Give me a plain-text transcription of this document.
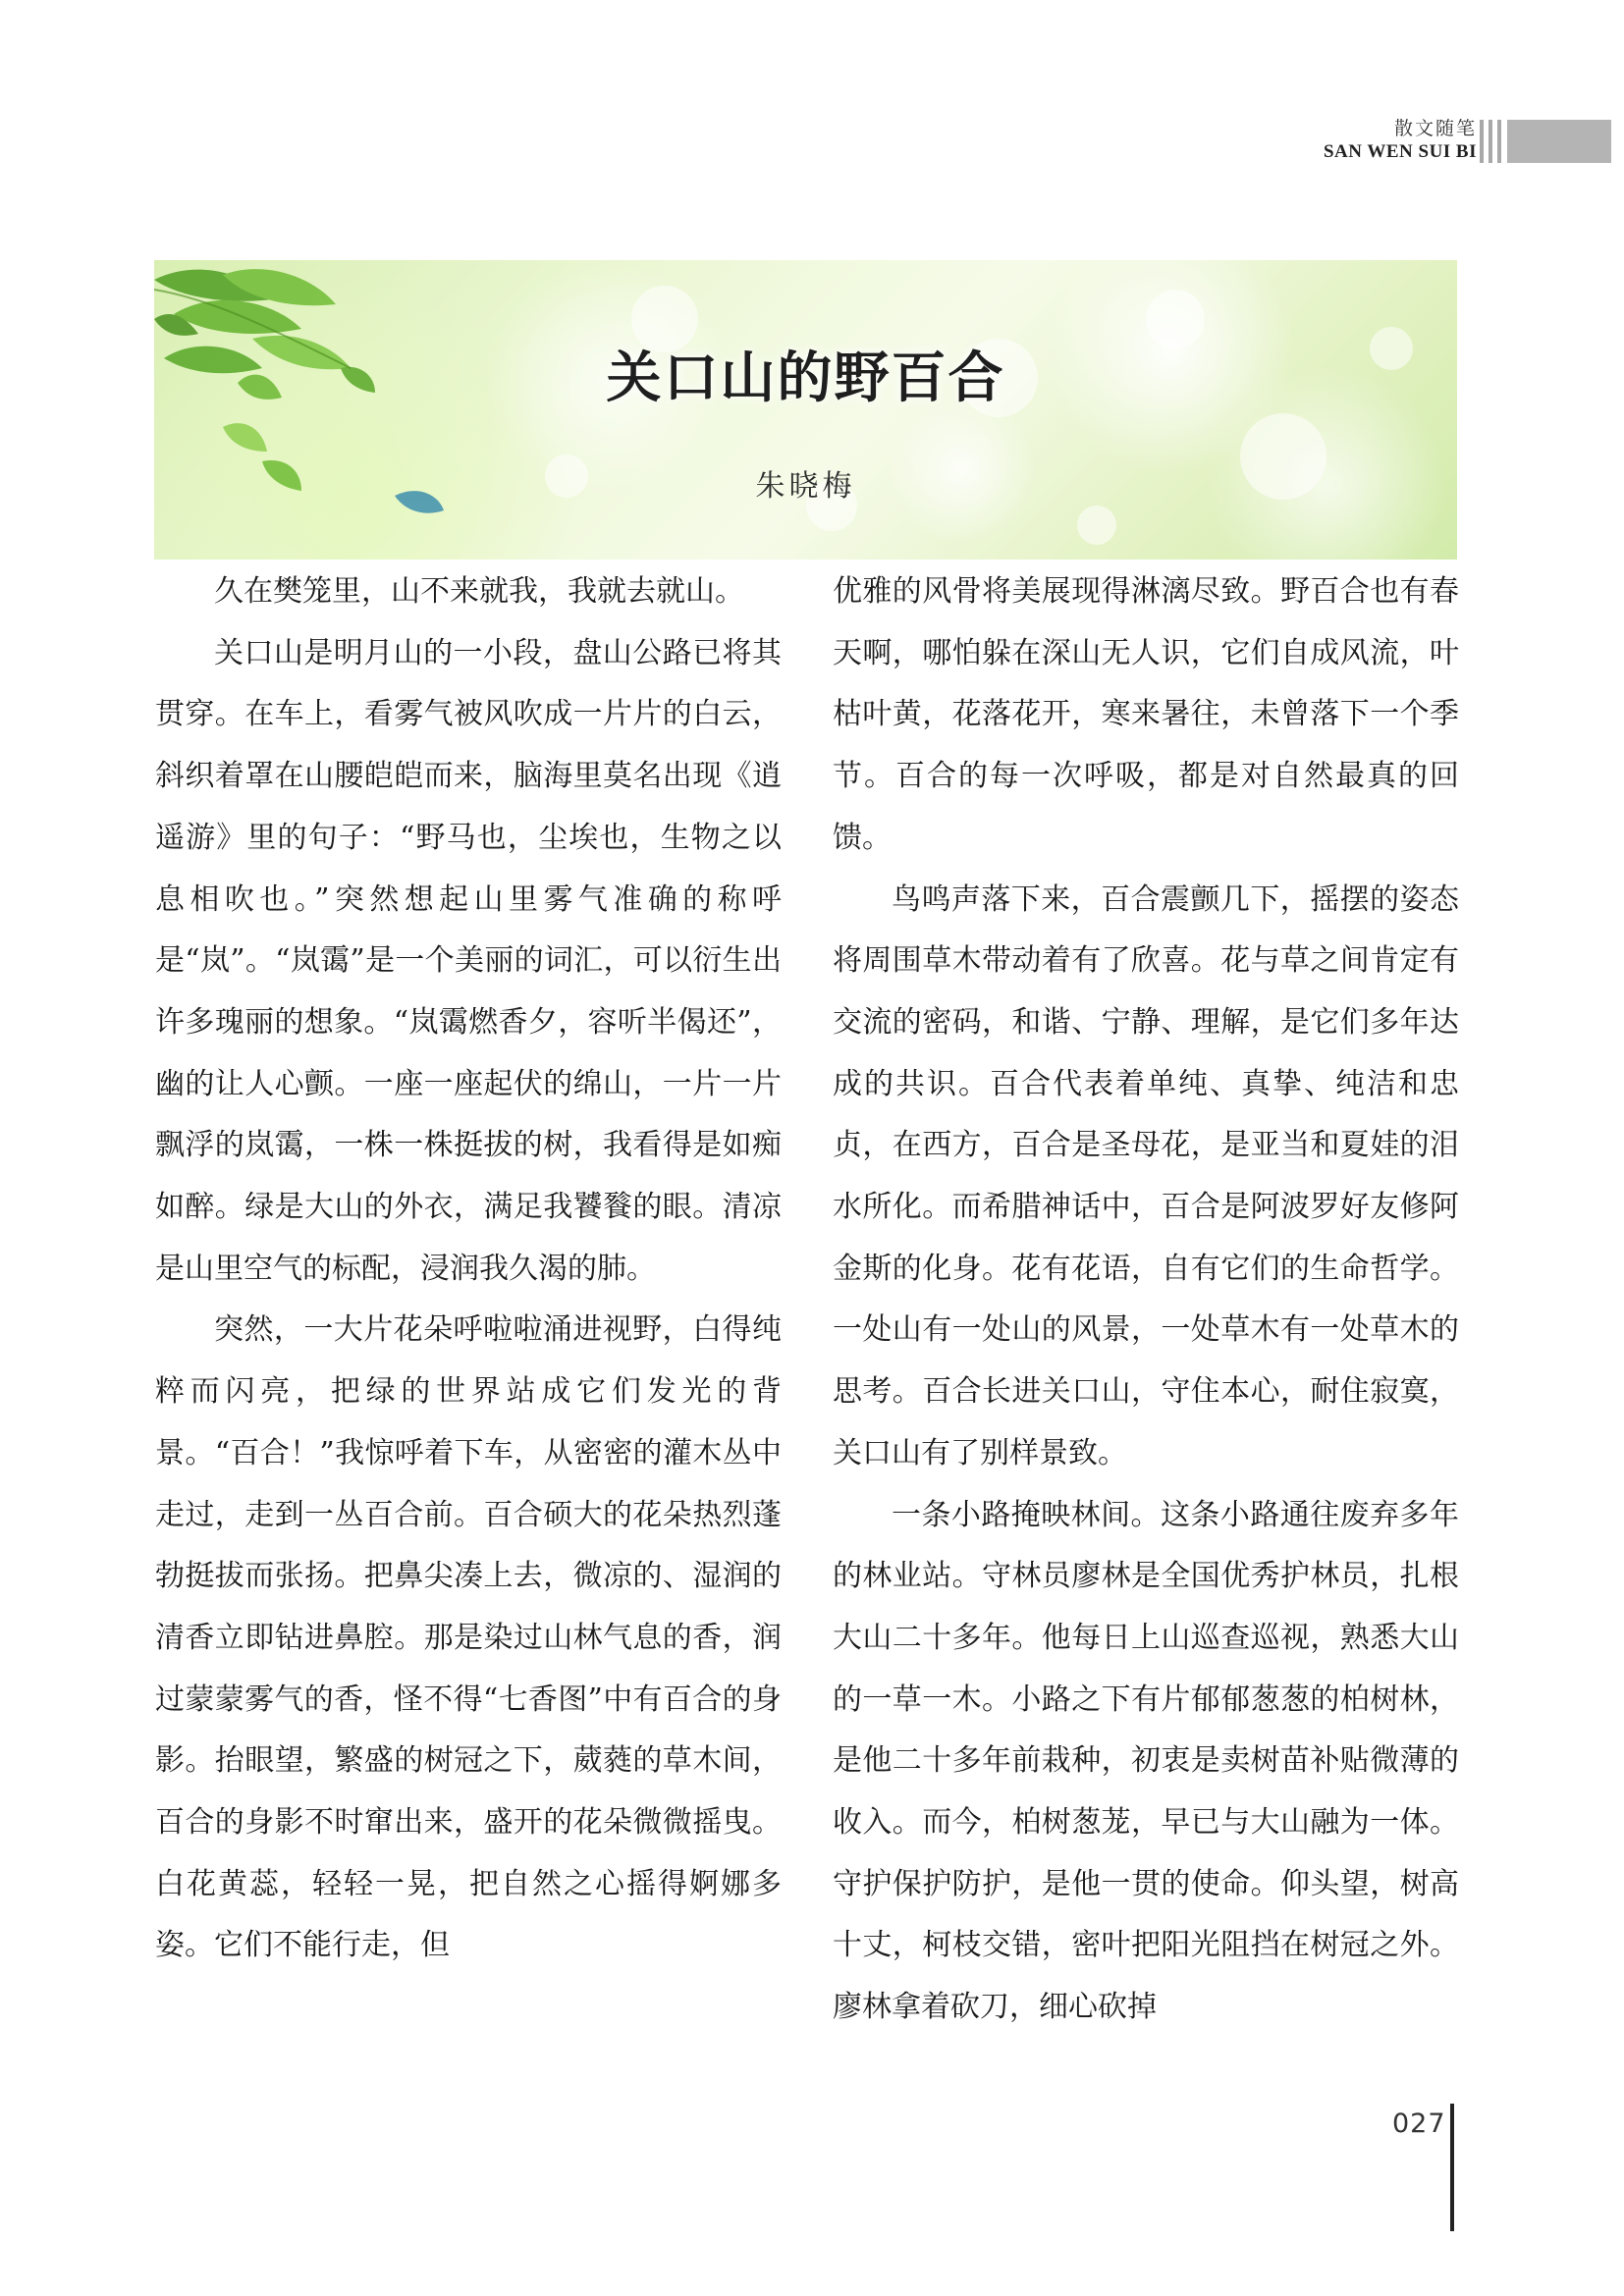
散文随笔
SAN WEN SUI BI
关口山的野百合
朱晓梅

久在樊笼里，山不来就我，我就去就山。

关口山是明月山的一小段，盘山公路已将其贯穿。在车上，看雾气被风吹成一片片的白云，斜织着罩在山腰皑皑而来，脑海里莫名出现《逍遥游》里的句子：“野马也，尘埃也，生物之以息相吹也。”突然想起山里雾气准确的称呼是“岚”。“岚霭”是一个美丽的词汇，可以衍生出许多瑰丽的想象。“岚霭燃香夕，容听半偈还”，幽的让人心颤。一座一座起伏的绵山，一片一片飘浮的岚霭，一株一株挺拔的树，我看得是如痴如醉。绿是大山的外衣，满足我饕餮的眼。清凉是山里空气的标配，浸润我久渴的肺。

突然，一大片花朵呼啦啦涌进视野，白得纯粹而闪亮，把绿的世界站成它们发光的背景。“百合！”我惊呼着下车，从密密的灌木丛中走过，走到一丛百合前。百合硕大的花朵热烈蓬勃挺拔而张扬。把鼻尖凑上去，微凉的、湿润的清香立即钻进鼻腔。那是染过山林气息的香，润过蒙蒙雾气的香，怪不得“七香图”中有百合的身影。抬眼望，繁盛的树冠之下，葳蕤的草木间，百合的身影不时窜出来，盛开的花朵微微摇曳。白花黄蕊，轻轻一晃，把自然之心摇得婀娜多姿。它们不能行走，但

优雅的风骨将美展现得淋漓尽致。野百合也有春天啊，哪怕躲在深山无人识，它们自成风流，叶枯叶黄，花落花开，寒来暑往，未曾落下一个季节。百合的每一次呼吸，都是对自然最真的回馈。

鸟鸣声落下来，百合震颤几下，摇摆的姿态将周围草木带动着有了欣喜。花与草之间肯定有交流的密码，和谐、宁静、理解，是它们多年达成的共识。百合代表着单纯、真挚、纯洁和忠贞，在西方，百合是圣母花，是亚当和夏娃的泪水所化。而希腊神话中，百合是阿波罗好友修阿金斯的化身。花有花语，自有它们的生命哲学。一处山有一处山的风景，一处草木有一处草木的思考。百合长进关口山，守住本心，耐住寂寞，关口山有了别样景致。

一条小路掩映林间。这条小路通往废弃多年的林业站。守林员廖林是全国优秀护林员，扎根大山二十多年。他每日上山巡查巡视，熟悉大山的一草一木。小路之下有片郁郁葱葱的柏树林，是他二十多年前栽种，初衷是卖树苗补贴微薄的收入。而今，柏树葱茏，早已与大山融为一体。守护保护防护，是他一贯的使命。仰头望，树高十丈，柯枝交错，密叶把阳光阻挡在树冠之外。廖林拿着砍刀，细心砍掉

027
